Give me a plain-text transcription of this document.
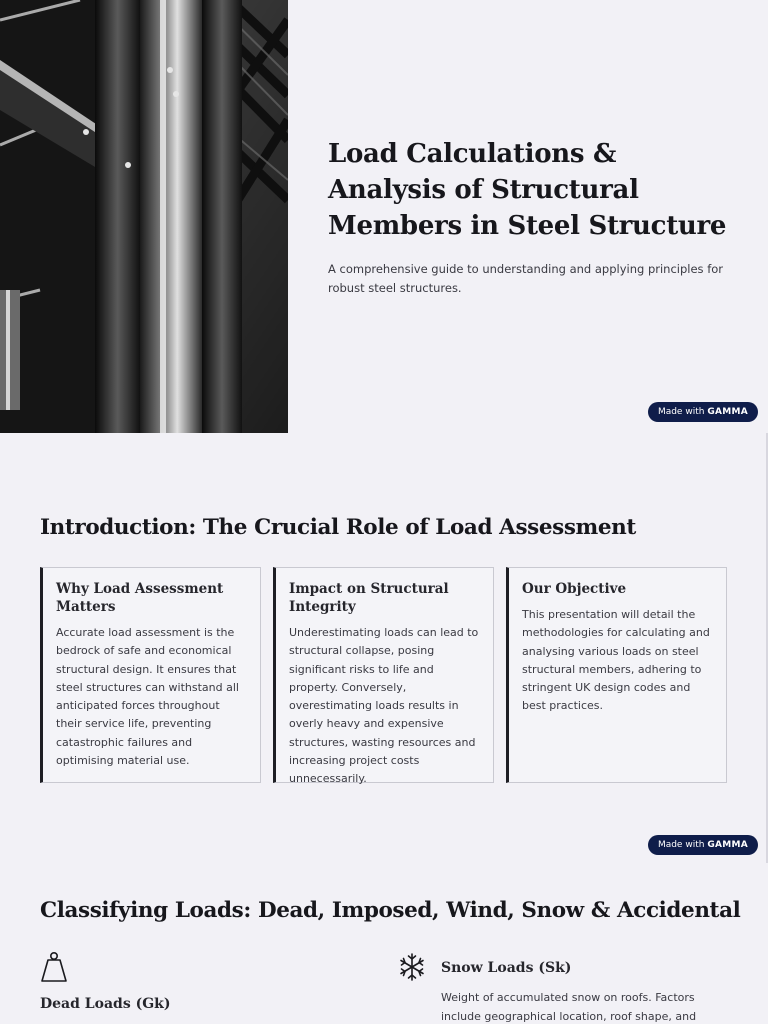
Load Calculations & Analysis of Structural Members in Steel Structure

A comprehensive guide to understanding and applying principles for robust steel structures.

Made with GAMMA
Introduction: The Crucial Role of Load Assessment
Why Load Assessment Matters
Accurate load assessment is the bedrock of safe and economical structural design. It ensures that steel structures can withstand all anticipated forces throughout their service life, preventing catastrophic failures and optimising material use.
Impact on Structural Integrity
Underestimating loads can lead to structural collapse, posing significant risks to life and property. Conversely, overestimating loads results in overly heavy and expensive structures, wasting resources and increasing project costs unnecessarily.
Our Objective
This presentation will detail the methodologies for calculating and analysing various loads on steel structural members, adhering to stringent UK design codes and best practices.
Made with GAMMA
Classifying Loads: Dead, Imposed, Wind, Snow & Accidental
Dead Loads (Gk)
Snow Loads (Sk)
Weight of accumulated snow on roofs. Factors include geographical location, roof shape, and
